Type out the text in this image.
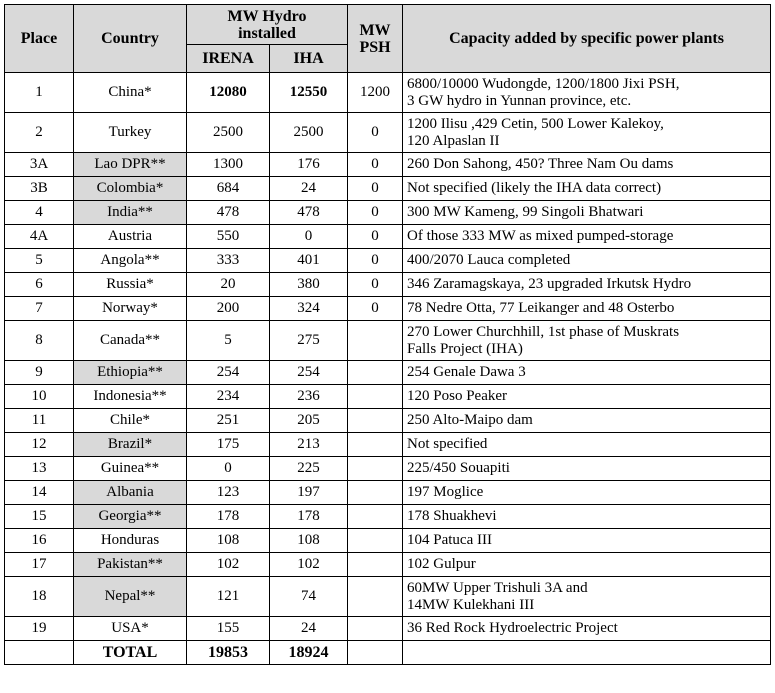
Place	Country	MW Hydro installed		MW PSH	Capacity added by specific power plants
		IRENA	IHA		
1	China*	12080	12550	1200	6800/10000 Wudongde, 1200/1800 Jixi PSH,
3 GW hydro in Yunnan province, etc.

2	Turkey	2500	2500	0	1200 Ilisu ,429 Cetin, 500 Lower Kalekoy,
120 Alpaslan II

3A	Lao DPR**	1300	176	0	260 Don Sahong, 450? Three Nam Ou dams

3B	Colombia*	684	24	0	Not specified (likely the IHA data correct)

4	India**	478	478	0	300 MW Kameng, 99 Singoli Bhatwari

4A	Austria	550	0	0	Of those 333 MW as mixed pumped-storage

5	Angola**	333	401	0	400/2070 Lauca completed

6	Russia*	20	380	0	346 Zaramagskaya, 23 upgraded Irkutsk Hydro

7	Norway*	200	324	0	78 Nedre Otta, 77 Leikanger and 48 Osterbo

8	Canada**	5	275		270 Lower Churchhill, 1st phase of Muskrats
Falls Project (IHA)

9	Ethiopia**	254	254		254 Genale Dawa 3

10	Indonesia**	234	236		120 Poso Peaker

11	Chile*	251	205		250 Alto-Maipo dam

12	Brazil*	175	213		Not specified

13	Guinea**	0	225		225/450 Souapiti

14	Albania	123	197		197 Moglice

15	Georgia**	178	178		178 Shuakhevi

16	Honduras	108	108		104 Patuca III

17	Pakistan**	102	102		102 Gulpur

18	Nepal**	121	74		60MW Upper Trishuli 3A and
14MW Kulekhani III

19	USA*	155	24		36 Red Rock Hydroelectric Project

	TOTAL	19853	18924		
